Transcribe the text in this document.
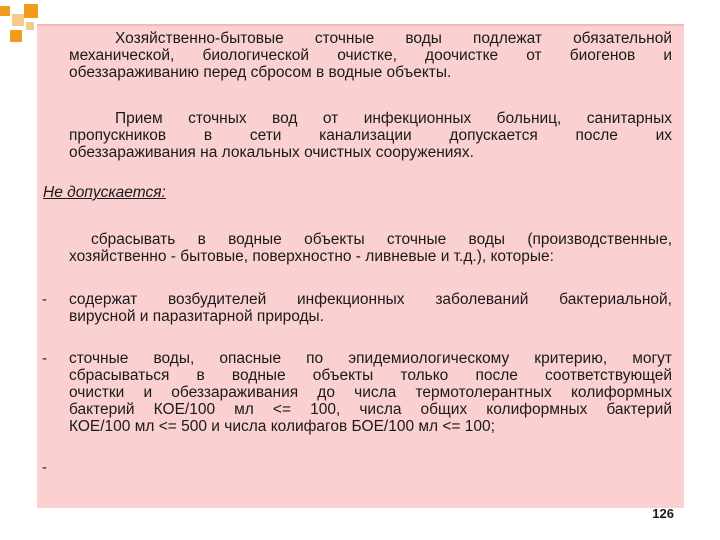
Хозяйственно-бытовые сточные воды подлежат обязательной
механической, биологической очистке, доочистке от биогенов и
обеззараживанию перед сбросом в водные объекты.
Прием сточных вод от инфекционных больниц, санитарных
пропускников в сети канализации допускается после их
обеззараживания на локальных очистных сооружениях.
Не допускается:
сбрасывать в водные объекты сточные воды (производственные,
хозяйственно - бытовые, поверхностно - ливневые и т.д.), которые:
- содержат возбудителей инфекционных заболеваний бактериальной,
вирусной и паразитарной природы.
- сточные воды, опасные по эпидемиологическому критерию, могут
сбрасываться в водные объекты только после соответствующей
очистки и обеззараживания до числа термотолерантных колиформных
бактерий КОЕ/100 мл <= 100, числа общих колиформных бактерий
КОЕ/100 мл <= 500 и числа колифагов БОЕ/100 мл <= 100;
-
126
